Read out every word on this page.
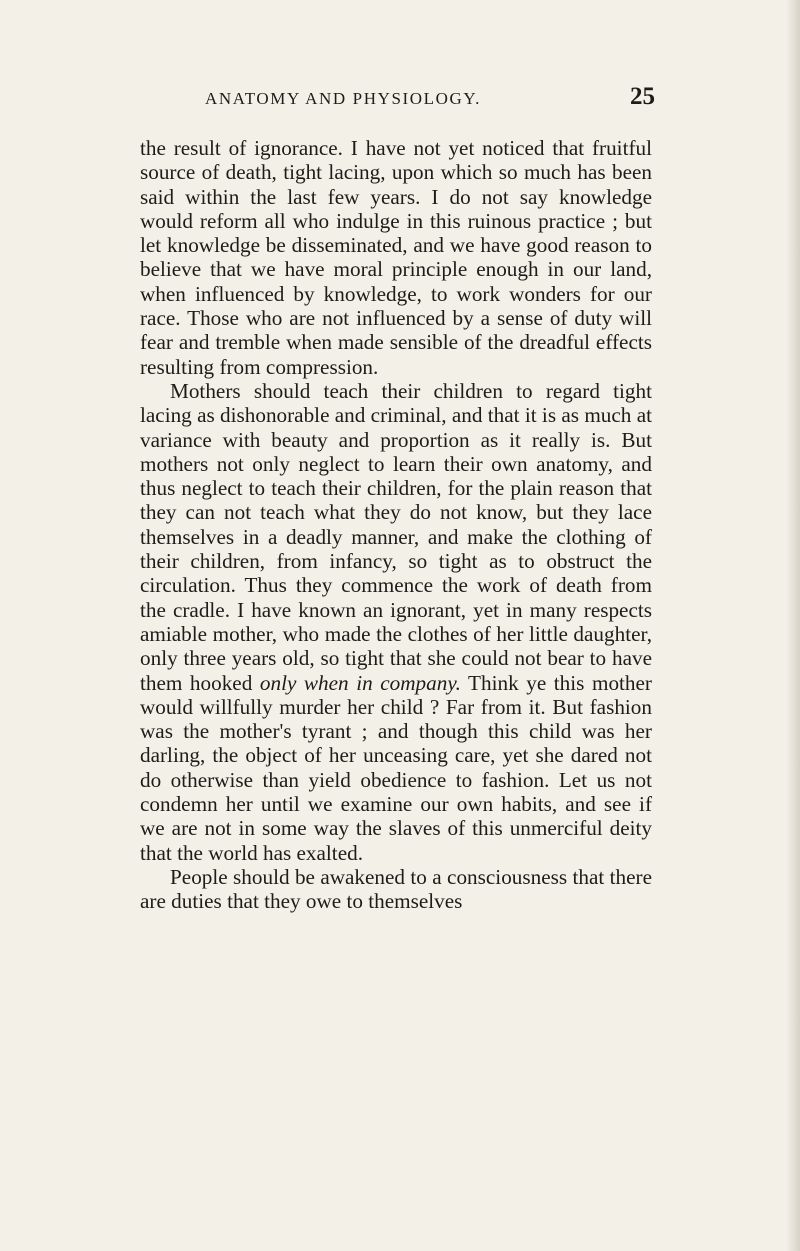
ANATOMY AND PHYSIOLOGY.	25

the result of ignorance. I have not yet noticed that fruitful source of death, tight lacing, upon which so much has been said within the last few years. I do not say knowledge would reform all who indulge in this ruinous practice ; but let knowledge be disseminated, and we have good reason to believe that we have moral principle enough in our land, when influenced by knowledge, to work wonders for our race. Those who are not influenced by a sense of duty will fear and tremble when made sensible of the dreadful effects resulting from compression.

Mothers should teach their children to regard tight lacing as dishonorable and criminal, and that it is as much at variance with beauty and proportion as it really is. But mothers not only neglect to learn their own anatomy, and thus neglect to teach their children, for the plain reason that they can not teach what they do not know, but they lace themselves in a deadly manner, and make the clothing of their children, from infancy, so tight as to obstruct the circulation. Thus they commence the work of death from the cradle. I have known an ignorant, yet in many respects amiable mother, who made the clothes of her little daughter, only three years old, so tight that she could not bear to have them hooked only when in company. Think ye this mother would willfully murder her child ? Far from it. But fashion was the mother's tyrant ; and though this child was her darling, the object of her unceasing care, yet she dared not do otherwise than yield obedience to fashion. Let us not condemn her until we examine our own habits, and see if we are not in some way the slaves of this unmerciful deity that the world has exalted.

People should be awakened to a consciousness that there are duties that they owe to themselves
